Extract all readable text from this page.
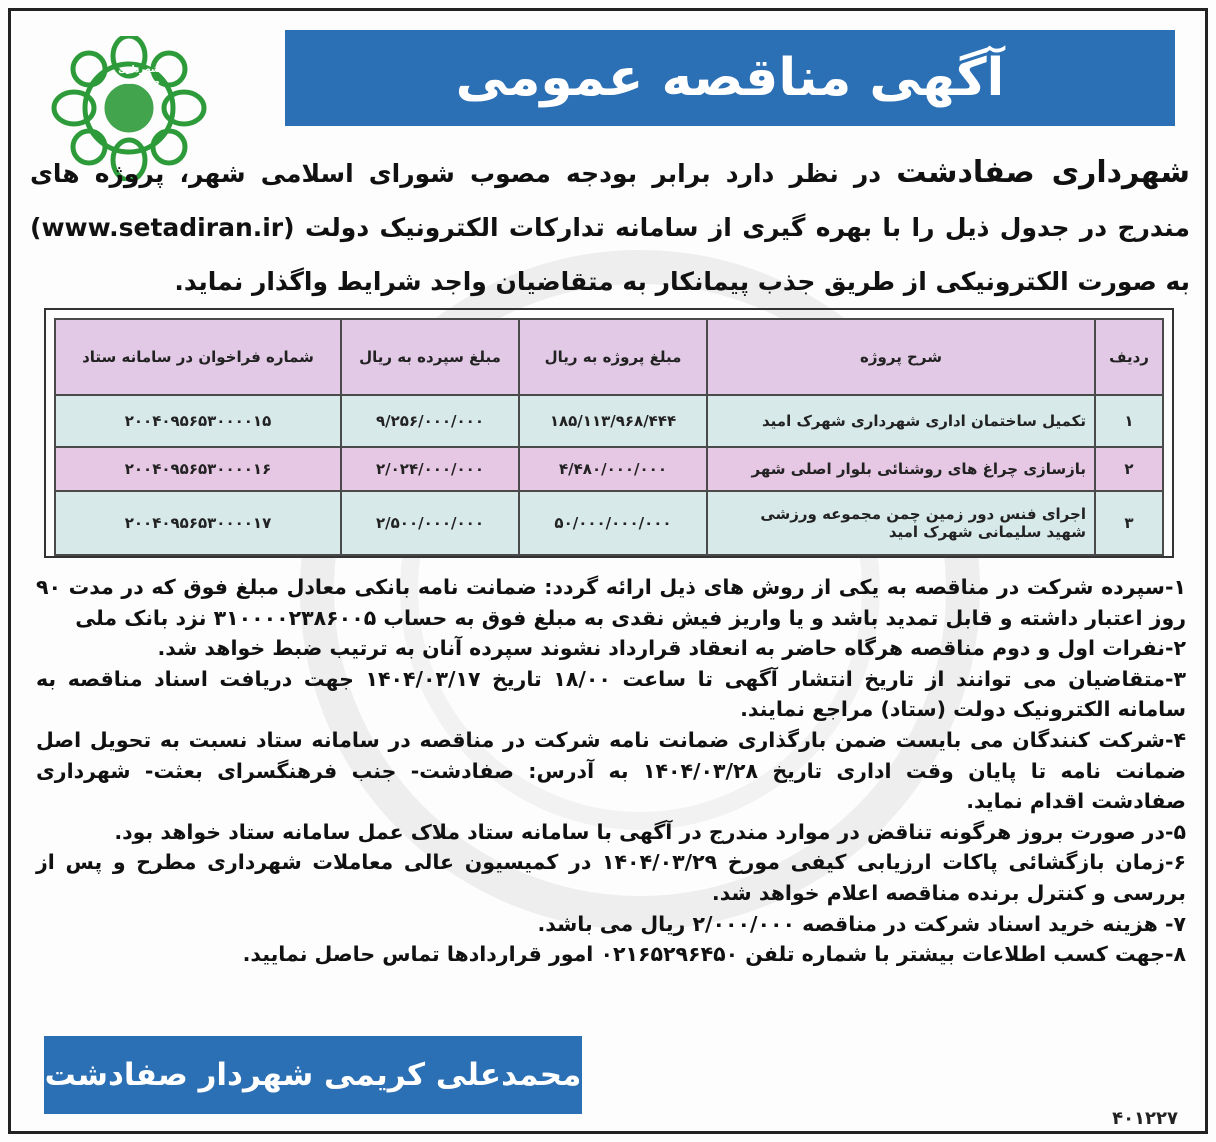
شهرداری صفادشت	آگهی مناقصه عمومی
شهرداری صفادشت در نظر دارد برابر بودجه مصوب شورای اسلامی شهر، پروژه های مندرج در جدول ذیل را با بهره گیری از سامانه تدارکات الکترونیک دولت (www.setadiran.ir) به صورت الکترونیکی از طریق جذب پیمانکار به متقاضیان واجد شرایط واگذار نماید.
ردیف	شرح پروژه	مبلغ پروژه به ریال	مبلغ سپرده به ریال	شماره فراخوان در سامانه ستاد
۱	تکمیل ساختمان اداری شهرداری شهرک امید	۱۸۵/۱۱۳/۹۶۸/۴۴۴	۹/۲۵۶/۰۰۰/۰۰۰	۲۰۰۴۰۹۵۶۵۳۰۰۰۰۱۵
۲	بازسازی چراغ های روشنائی بلوار اصلی شهر	۴/۴۸۰/۰۰۰/۰۰۰	۲/۰۲۴/۰۰۰/۰۰۰	۲۰۰۴۰۹۵۶۵۳۰۰۰۰۱۶
۳	اجرای فنس دور زمین چمن مجموعه ورزشی شهید سلیمانی شهرک امید	۵۰/۰۰۰/۰۰۰/۰۰۰	۲/۵۰۰/۰۰۰/۰۰۰	۲۰۰۴۰۹۵۶۵۳۰۰۰۰۱۷

۱-سپرده شرکت در مناقصه به یکی از روش های ذیل ارائه گردد: ضمانت نامه بانکی معادل مبلغ فوق که در مدت ۹۰ روز اعتبار داشته و قابل تمدید باشد و یا واریز فیش نقدی به مبلغ فوق به حساب ۳۱۰۰۰۰۲۳۸۶۰۰۵ نزد بانک ملی

۲-نفرات اول و دوم مناقصه هرگاه حاضر به انعقاد قرارداد نشوند سپرده آنان به ترتیب ضبط خواهد شد.

۳-متقاضیان می توانند از تاریخ انتشار آگهی تا ساعت ۱۸/۰۰ تاریخ ۱۴۰۴/۰۳/۱۷ جهت دریافت اسناد مناقصه به سامانه الکترونیک دولت (ستاد) مراجع نمایند.

۴-شرکت کنندگان می بایست ضمن بارگذاری ضمانت نامه شرکت در مناقصه در سامانه ستاد نسبت به تحویل اصل ضمانت نامه تا پایان وقت اداری تاریخ ۱۴۰۴/۰۳/۲۸ به آدرس: صفادشت- جنب فرهنگسرای بعثت- شهرداری صفادشت اقدام نماید.

۵-در صورت بروز هرگونه تناقض در موارد مندرج در آگهی با سامانه ستاد ملاک عمل سامانه ستاد خواهد بود.

۶-زمان بازگشائی پاکات ارزیابی کیفی مورخ ۱۴۰۴/۰۳/۲۹ در کمیسیون عالی معاملات شهرداری مطرح و پس از بررسی و کنترل برنده مناقصه اعلام خواهد شد.

۷- هزینه خرید اسناد شرکت در مناقصه ۲/۰۰۰/۰۰۰ ریال می باشد.

۸-جهت کسب اطلاعات بیشتر با شماره تلفن ۰۲۱۶۵۲۹۶۴۵۰ امور قراردادها تماس حاصل نمایید.

محمدعلی کریمی شهردار صفادشت
۴۰۱۲۲۷
